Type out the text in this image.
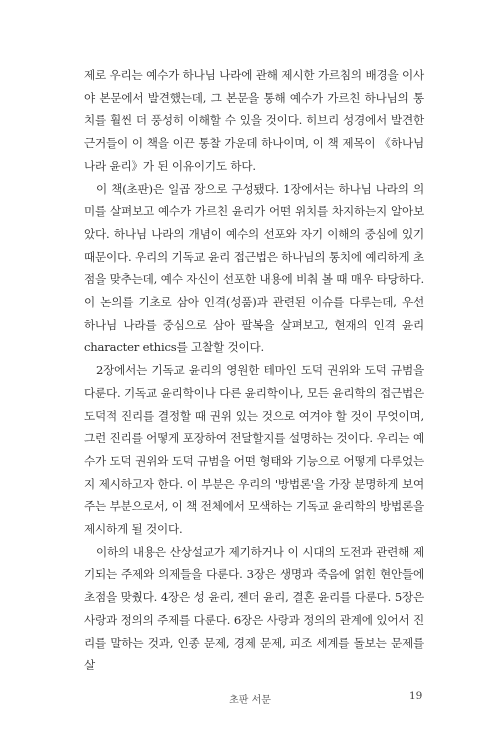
제로 우리는 예수가 하나님 나라에 관해 제시한 가르침의 배경을 이사야 본문에서 발견했는데, 그 본문을 통해 예수가 가르친 하나님의 통치를 훨씬 더 풍성히 이해할 수 있을 것이다. 히브리 성경에서 발견한 근거들이 이 책을 이끈 통찰 가운데 하나이며, 이 책 제목이 《하나님 나라 윤리》가 된 이유이기도 하다.

이 책(초판)은 일곱 장으로 구성됐다. 1장에서는 하나님 나라의 의미를 살펴보고 예수가 가르친 윤리가 어떤 위치를 차지하는지 알아보았다. 하나님 나라의 개념이 예수의 선포와 자기 이해의 중심에 있기 때문이다. 우리의 기독교 윤리 접근법은 하나님의 통치에 예리하게 초점을 맞추는데, 예수 자신이 선포한 내용에 비춰 볼 때 매우 타당하다. 이 논의를 기초로 삼아 인격(성품)과 관련된 이슈를 다루는데, 우선 하나님 나라를 중심으로 삼아 팔복을 살펴보고, 현재의 인격 윤리character ethics를 고찰할 것이다.

2장에서는 기독교 윤리의 영원한 테마인 도덕 권위와 도덕 규범을 다룬다. 기독교 윤리학이나 다른 윤리학이나, 모든 윤리학의 접근법은 도덕적 진리를 결정할 때 권위 있는 것으로 여겨야 할 것이 무엇이며, 그런 진리를 어떻게 포장하여 전달할지를 설명하는 것이다. 우리는 예수가 도덕 권위와 도덕 규범을 어떤 형태와 기능으로 어떻게 다루었는지 제시하고자 한다. 이 부분은 우리의 '방법론'을 가장 분명하게 보여 주는 부분으로서, 이 책 전체에서 모색하는 기독교 윤리학의 방법론을 제시하게 될 것이다.

이하의 내용은 산상설교가 제기하거나 이 시대의 도전과 관련해 제기되는 주제와 의제들을 다룬다. 3장은 생명과 죽음에 얽힌 현안들에 초점을 맞췄다. 4장은 성 윤리, 젠더 윤리, 결혼 윤리를 다룬다. 5장은 사랑과 정의의 주제를 다룬다. 6장은 사랑과 정의의 관계에 있어서 진리를 말하는 것과, 인종 문제, 경제 문제, 피조 세계를 돌보는 문제를 살

초판 서문	19
